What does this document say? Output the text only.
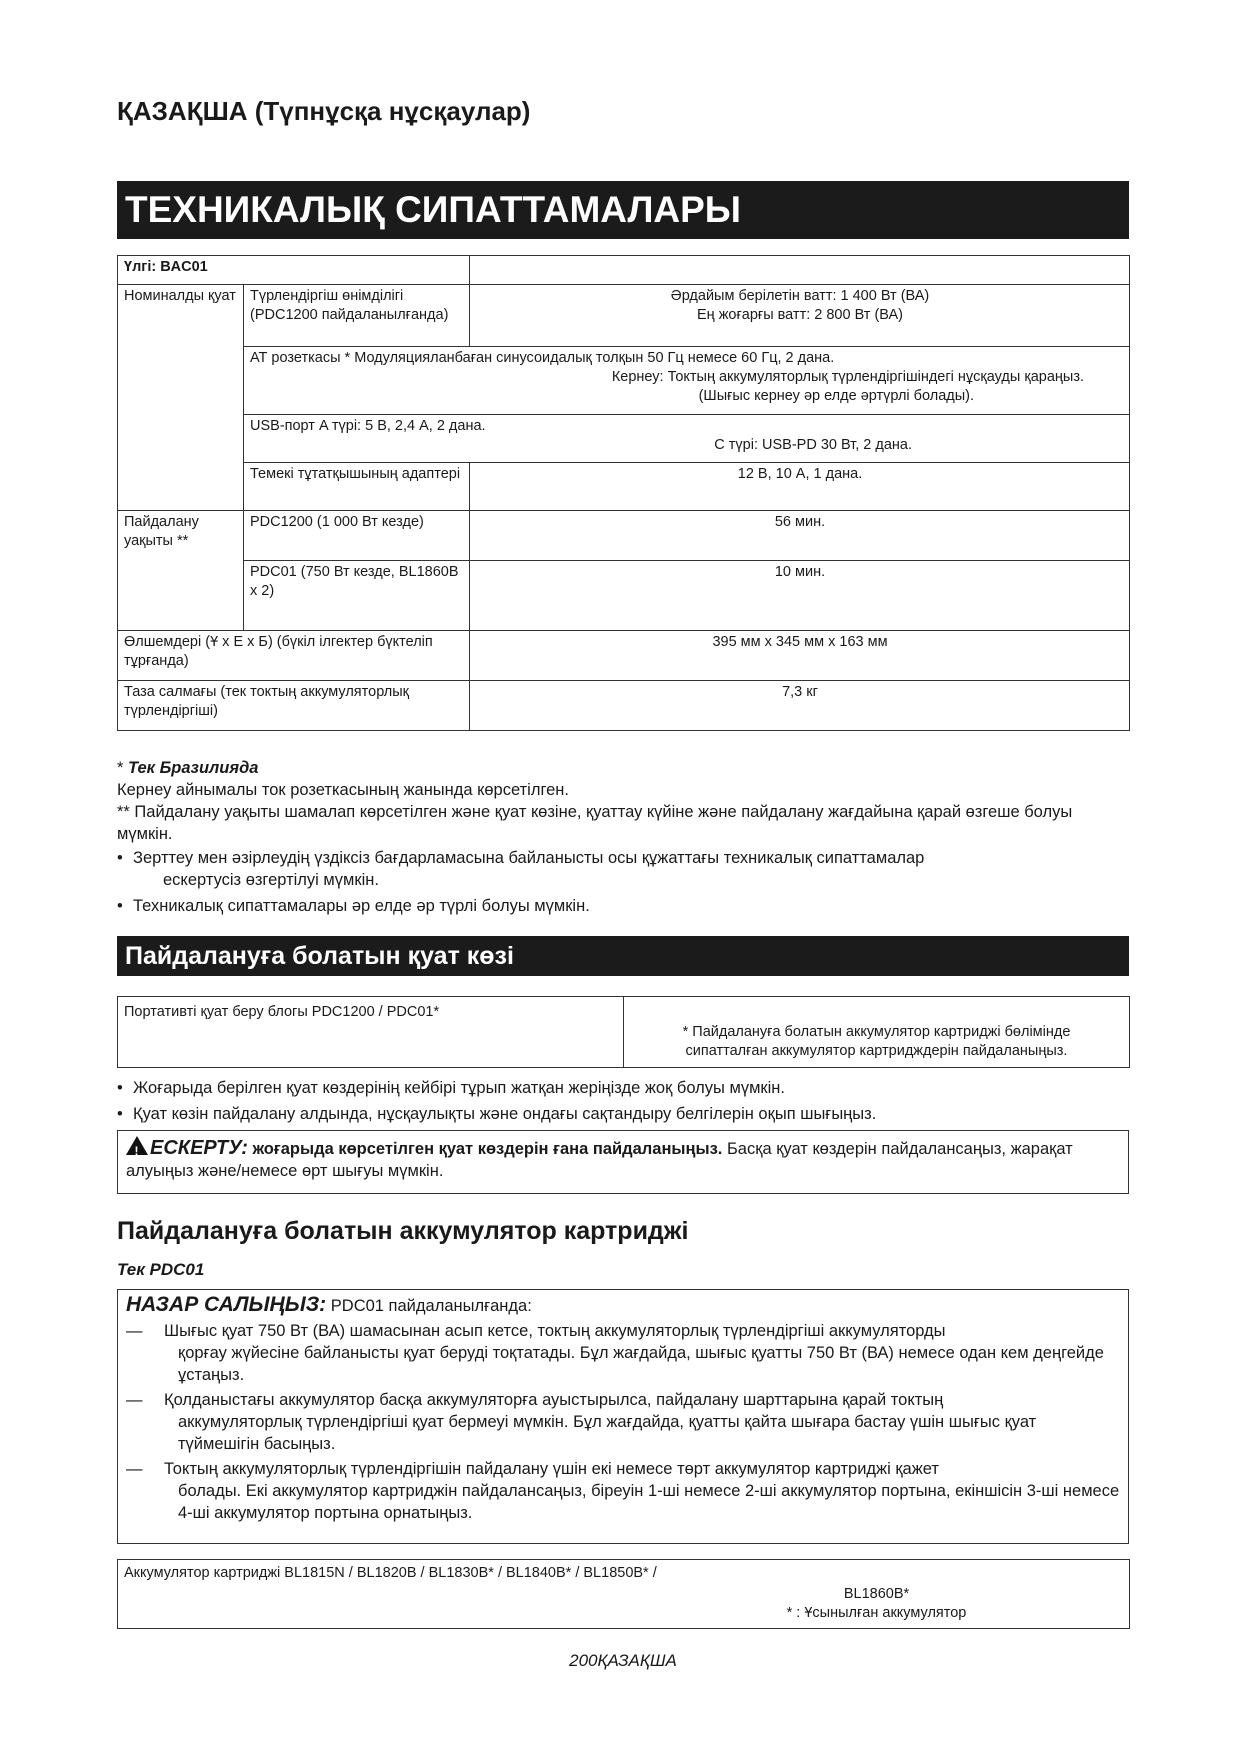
ҚАЗАҚША (Түпнұсқа нұсқаулар)
ТЕХНИКАЛЫҚ СИПАТТАМАЛАРЫ
Үлгі: BAC01		
Номиналды қуат	Түрлендіргіш өнімділігі (PDC1200 пайдаланылғанда)	Әрдайым берілетін ватт: 1 400 Вт (ВА)
Ең жоғарғы ватт: 2 800 Вт (ВА)

	АТ розеткасы * Модуляцияланбаған синусоидалық толқын 50 Гц немесе 60 Гц, 2 дана.
Кернеу: Токтың аккумуляторлық түрлендіргішіндегі нұсқауды қараңыз.
(Шығыс кернеу әр елде әртүрлі болады).	

	USB-порт A түрі: 5 В, 2,4 А, 2 дана.
С түрі: USB-PD 30 Вт, 2 дана.	

	Темекі тұтатқышының адаптері	12 В, 10 А, 1 дана.
Пайдалану уақыты **	PDC1200 (1 000 Вт кезде)	56 мин.
	PDC01 (750 Вт кезде, BL1860B x 2)	10 мин.
Өлшемдері (Ұ x Е x Б) (бүкіл ілгектер бүктеліп тұрғанда)		395 мм x 345 мм x 163 мм
Таза салмағы (тек токтың аккумуляторлық түрлендіргіші)		7,3 кг

* Тек Бразилияда

Кернеу айнымалы ток розеткасының жанында көрсетілген.

** Пайдалану уақыты шамалап көрсетілген және қуат көзіне, қуаттау күйіне және пайдалану жағдайына қарай өзгеше болуы мүмкін.

• Зерттеу мен әзірлеудің үздіксіз бағдарламасына байланысты осы құжаттағы техникалық сипаттамалар
ескертусіз өзгертілуі мүмкін.

• Техникалық сипаттамалары әр елде әр түрлі болуы мүмкін.

Пайдалануға болатын қуат көзі
Портативті қуат беру блогы PDC1200 / PDC01*	
* Пайдалануға болатын аккумулятор картриджі бөлімінде
сипатталған аккумулятор картридждерін пайдаланыңыз.

• Жоғарыда берілген қуат көздерінің кейбірі тұрып жатқан жеріңізде жоқ болуы мүмкін.

• Қуат көзін пайдалану алдында, нұсқаулықты және ондағы сақтандыру белгілерін оқып шығыңыз.

!ЕСКЕРТУ: жоғарыда көрсетілген қуат көздерін ғана пайдаланыңыз. Басқа қуат көздерін пайдалансаңыз, жарақат алуыңыз және/немесе өрт шығуы мүмкін.
Пайдалануға болатын аккумулятор картриджі

Тек PDC01

НАЗАР САЛЫҢЫЗ: PDC01 пайдаланылғанда:
— Шығыс қуат 750 Вт (ВА) шамасынан асып кетсе, токтың аккумуляторлық түрлендіргіші аккумуляторды
қорғау жүйесіне байланысты қуат беруді тоқтатады. Бұл жағдайда, шығыс қуатты 750 Вт (ВА) немесе одан кем деңгейде ұстаңыз.
— Қолданыстағы аккумулятор басқа аккумуляторға ауыстырылса, пайдалану шарттарына қарай токтың
аккумуляторлық түрлендіргіші қуат бермеуі мүмкін. Бұл жағдайда, қуатты қайта шығара бастау үшін шығыс қуат түймешігін басыңыз.
— Токтың аккумуляторлық түрлендіргішін пайдалану үшін екі немесе төрт аккумулятор картриджі қажет
болады. Екі аккумулятор картриджін пайдалансаңыз, біреуін 1-ші немесе 2-ші аккумулятор портына, екіншісін 3-ші немесе 4-ші аккумулятор портына орнатыңыз.
Аккумулятор картриджі BL1815N / BL1820B / BL1830B* / BL1840B* / BL1850B* /
BL1860B*
* : Ұсынылған аккумулятор
200ҚАЗАҚША
